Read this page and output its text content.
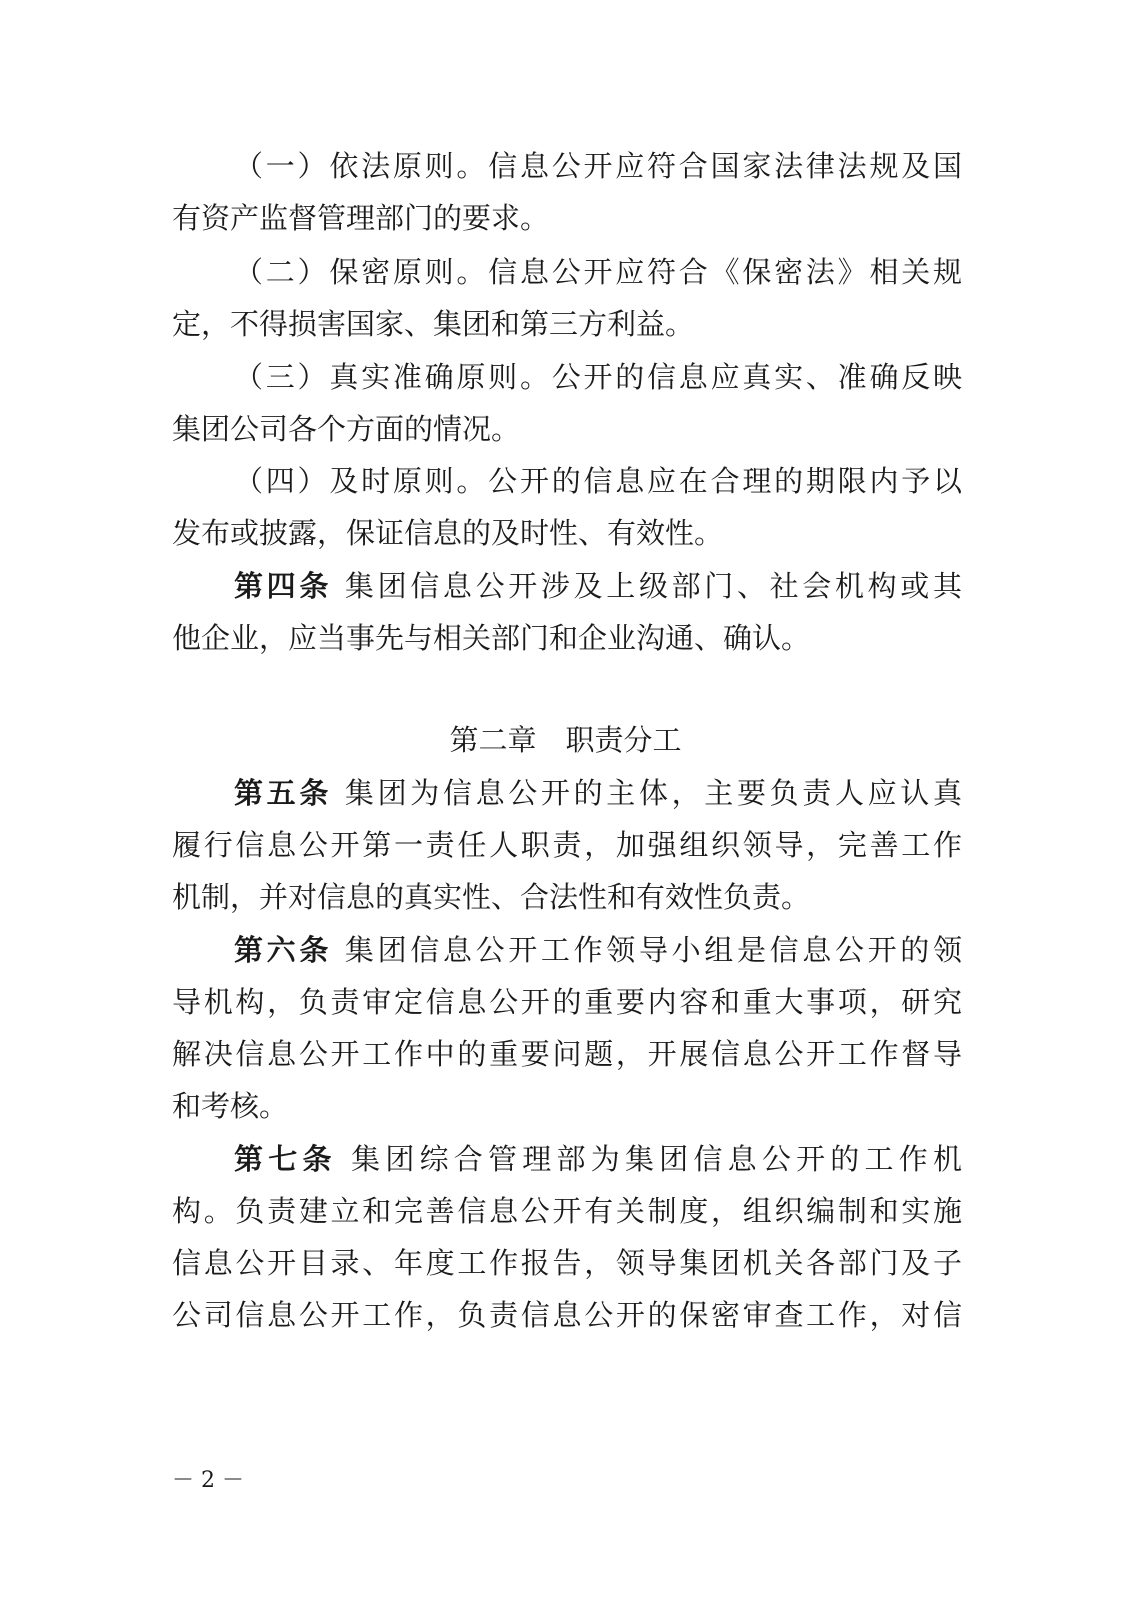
（一）依法原则。信息公开应符合国家法律法规及国
有资产监督管理部门的要求。
（二）保密原则。信息公开应符合《保密法》相关规
定，不得损害国家、集团和第三方利益。
（三）真实准确原则。公开的信息应真实、准确反映
集团公司各个方面的情况。
（四）及时原则。公开的信息应在合理的期限内予以
发布或披露，保证信息的及时性、有效性。
第四条 集团信息公开涉及上级部门、社会机构或其
他企业，应当事先与相关部门和企业沟通、确认。
第二章　职责分工
第五条 集团为信息公开的主体，主要负责人应认真
履行信息公开第一责任人职责，加强组织领导，完善工作
机制，并对信息的真实性、合法性和有效性负责。
第六条 集团信息公开工作领导小组是信息公开的领
导机构，负责审定信息公开的重要内容和重大事项，研究
解决信息公开工作中的重要问题，开展信息公开工作督导
和考核。
第七条 集团综合管理部为集团信息公开的工作机
构。负责建立和完善信息公开有关制度，组织编制和实施
信息公开目录、年度工作报告，领导集团机关各部门及子
公司信息公开工作，负责信息公开的保密审查工作，对信
－ 2 －
